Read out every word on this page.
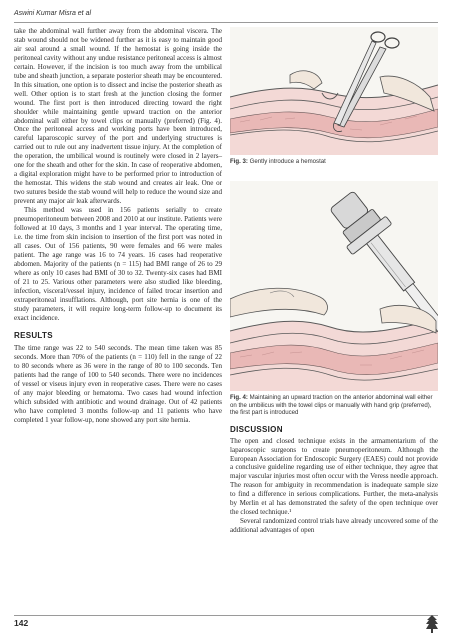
Aswini Kumar Misra et al

take the abdominal wall further away from the abdominal viscera. The stab wound should not be widened further as it is easy to maintain good air seal around a small wound. If the hemostat is going inside the peritoneal cavity without any undue resistance peritoneal access is almost certain. However, if the incision is too much away from the umbilical tube and sheath junction, a separate posterior sheath may be encountered. In this situation, one option is to dissect and incise the posterior sheath as well. Other option is to start fresh at the junction closing the former wound. The first port is then introduced directing toward the right shoulder while maintaining gentle upward traction on the anterior abdominal wall either by towel clips or manually (preferred) (Fig. 4). Once the peritoneal access and working ports have been introduced, careful laparoscopic survey of the port and underlying structures is carried out to rule out any inadvertent tissue injury. At the completion of the operation, the umbilical wound is routinely were closed in 2 layers–one for the sheath and other for the skin. In case of reoperative abdomen, a digital exploration might have to be performed prior to introduction of the hemostat. This widens the stab wound and creates air leak. One or two sutures beside the stab wound will help to reduce the wound size and prevent any major air leak afterwards.

This method was used in 156 patients serially to create pneumoperitoneum between 2008 and 2010 at our institute. Patients were followed at 10 days, 3 months and 1 year interval. The operating time, i.e. the time from skin incision to insertion of the first port was noted in all cases. Out of 156 patients, 90 were females and 66 were males patient. The age range was 16 to 74 years. 16 cases had reoperative abdomen. Majority of the patients (n = 115) had BMI range of 26 to 29 where as only 10 cases had BMI of 30 to 32. Twenty-six cases had BMI of 21 to 25. Various other parameters were also studied like bleeding, infection, visceral/vessel injury, incidence of failed trocar insertion and extraperitoneal insufflations. Although, port site hernia is one of the study parameters, it will require long-term follow-up to document its exact incidence.

RESULTS

The time range was 22 to 540 seconds. The mean time taken was 85 seconds. More than 70% of the patients (n = 110) fell in the range of 22 to 80 seconds where as 36 were in the range of 80 to 100 seconds. Ten patients had the range of 100 to 540 seconds. There were no incidences of vessel or viseus injury even in reoperative cases. There were no cases of any major bleeding or hematoma. Two cases had wound infection which subsided with antibiotic and wound drainage. Out of 42 patients who have completed 3 months follow-up and 11 patients who have completed 1 year follow-up, none showed any port site hernia.

Fig. 3: Gently introduce a hemostat
Fig. 4: Maintaining an upward traction on the anterior abdominal wall either on the umbilicus with the towel clips or manually with hand grip (preferred), the first part is introduced
DISCUSSION

The open and closed technique exists in the armamentarium of the laparoscopic surgeons to create pneumoperitoneum. Although the European Association for Endoscopic Surgery (EAES) could not provide a conclusive guideline regarding use of either technique, they agree that major vascular injuries most often occur with the Veress needle approach. The reason for ambiguity in recommendation is inadequate sample size to find a difference in serious complications. Further, the meta-analysis by Merlin et al has demonstrated the safety of the open technique over the closed technique.¹

Several randomized control trials have already uncovered some of the additional advantages of open

142
